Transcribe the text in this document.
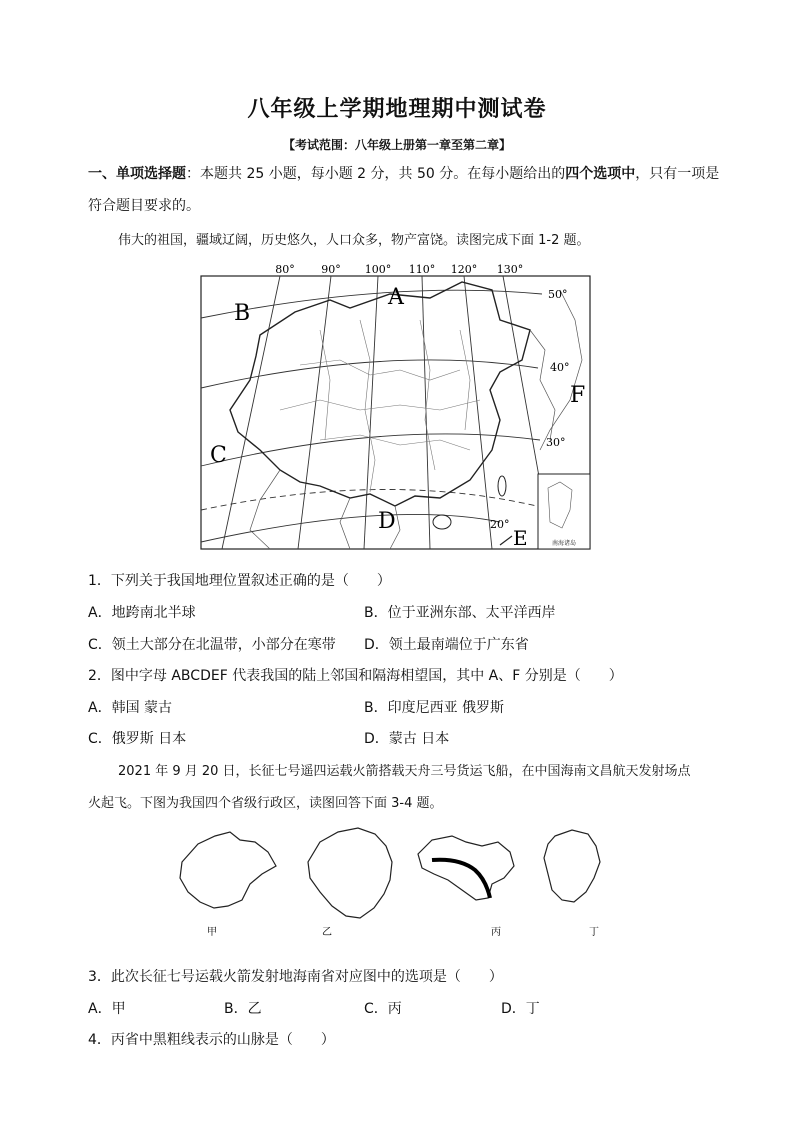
八年级上学期地理期中测试卷
【考试范围：八年级上册第一章至第二章】
一、单项选择题：本题共 25 小题，每小题 2 分，共 50 分。在每小题给出的四个选项中，只有一项是
符合题目要求的。
伟大的祖国，疆域辽阔，历史悠久，人口众多，物产富饶。读图完成下面 1-2 题。
南海诸岛
80° 90° 100° 110° 120° 130°
50°
40°
30°
20°
A
B
C
D
E
F
1．下列关于我国地理位置叙述正确的是（　　）
A．地跨南北半球	B．位于亚洲东部、太平洋西岸
C．领土大部分在北温带，小部分在寒带 D．领土最南端位于广东省
2．图中字母 ABCDEF 代表我国的陆上邻国和隔海相望国，其中 A、F 分别是（　　）
A．韩国 蒙古	B．印度尼西亚 俄罗斯
C．俄罗斯 日本	D．蒙古 日本
2021 年 9 月 20 日，长征七号遥四运载火箭搭载天舟三号货运飞船，在中国海南文昌航天发射场点
火起飞。下图为我国四个省级行政区，读图回答下面 3-4 题。
甲	乙	丙	丁
3．此次长征七号运载火箭发射地海南省对应图中的选项是（　　）
A．甲	B．乙	C．丙	D．丁
4．丙省中黑粗线表示的山脉是（　　）
